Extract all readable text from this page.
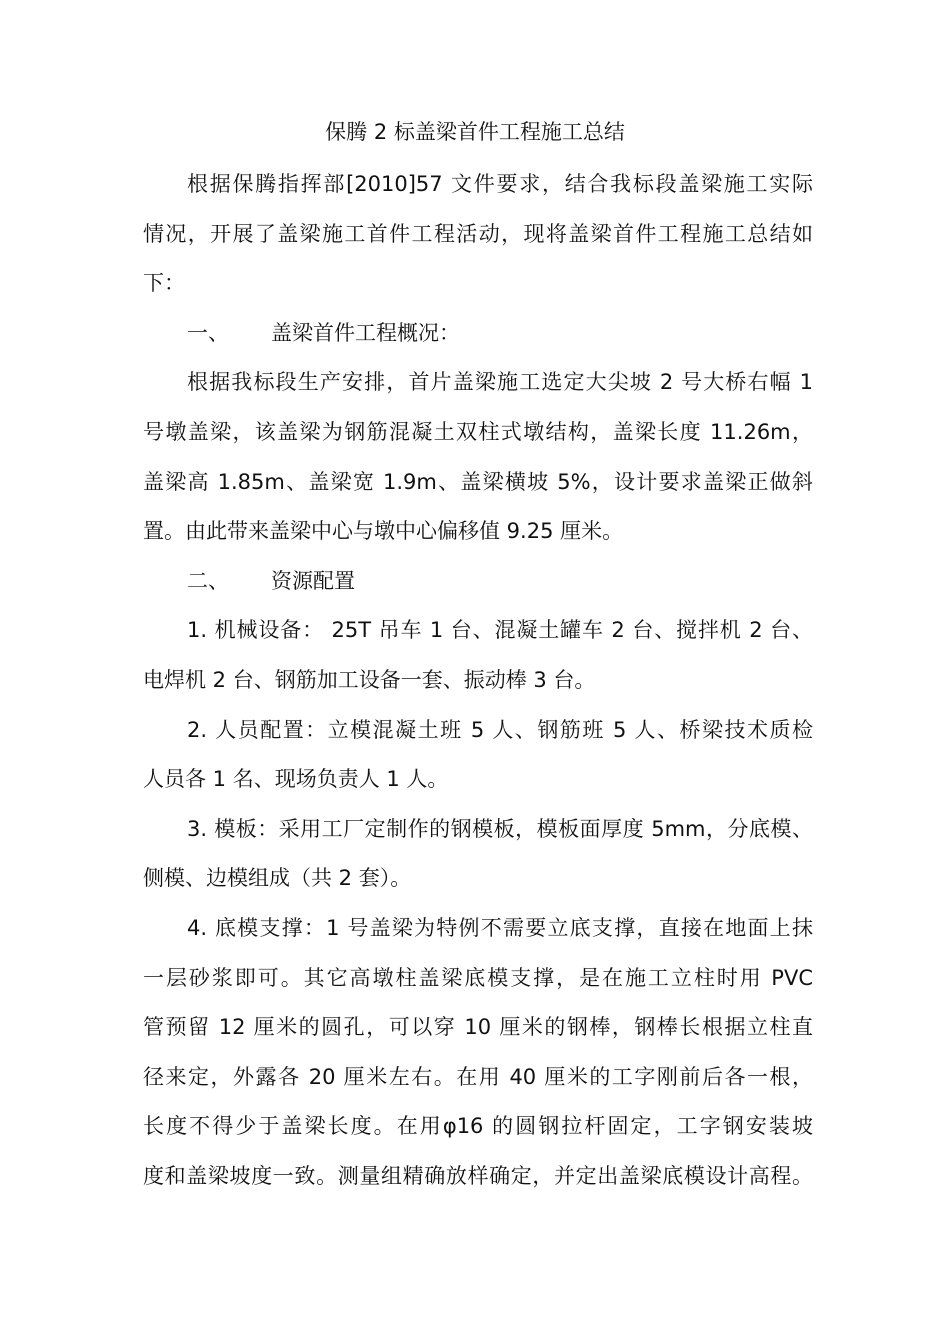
保腾 2 标盖梁首件工程施工总结
根据保腾指挥部[2010]57 文件要求，结合我标段盖梁施工实际
情况，开展了盖梁施工首件工程活动，现将盖梁首件工程施工总结如
下：
一、 盖梁首件工程概况：
根据我标段生产安排，首片盖梁施工选定大尖坡 2 号大桥右幅 1
号墩盖梁，该盖梁为钢筋混凝土双柱式墩结构，盖梁长度 11.26m，
盖梁高 1.85m、盖梁宽 1.9m、盖梁横坡 5%，设计要求盖梁正做斜
置。由此带来盖梁中心与墩中心偏移值 9.25 厘米。
二、 资源配置
1. 机械设备： 25T 吊车 1 台、混凝土罐车 2 台、搅拌机 2 台、
电焊机 2 台、钢筋加工设备一套、振动棒 3 台。
2. 人员配置：立模混凝土班 5 人、钢筋班 5 人、桥梁技术质检
人员各 1 名、现场负责人 1 人。
3. 模板：采用工厂定制作的钢模板，模板面厚度 5mm，分底模、
侧模、边模组成（共 2 套）。
4. 底模支撑：1 号盖梁为特例不需要立底支撑，直接在地面上抹
一层砂浆即可。其它高墩柱盖梁底模支撑，是在施工立柱时用 PVC
管预留 12 厘米的圆孔，可以穿 10 厘米的钢棒，钢棒长根据立柱直
径来定，外露各 20 厘米左右。在用 40 厘米的工字刚前后各一根，
长度不得少于盖梁长度。在用φ16 的圆钢拉杆固定，工字钢安装坡
度和盖梁坡度一致。测量组精确放样确定，并定出盖梁底模设计高程。
